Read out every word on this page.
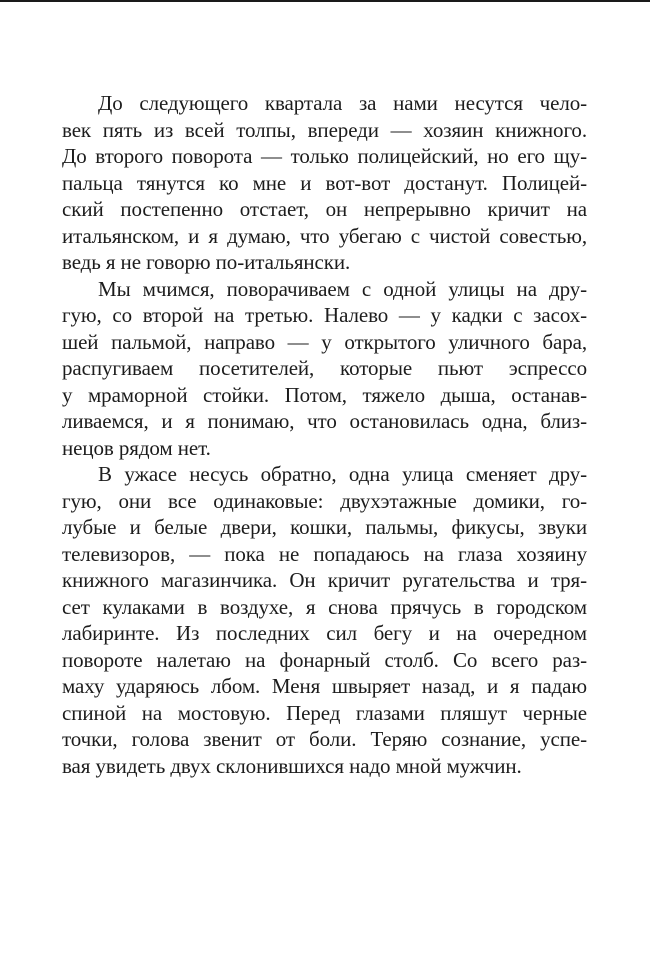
До следующего квартала за нами несутся чело-
век пять из всей толпы, впереди — хозяин книжного.
До второго поворота — только полицейский, но его щу-
пальца тянутся ко мне и вот-вот достанут. Полицей-
ский постепенно отстает, он непрерывно кричит на
итальянском, и я думаю, что убегаю с чистой совестью,
ведь я не говорю по-итальянски.
Мы мчимся, поворачиваем с одной улицы на дру-
гую, со второй на третью. Налево — у кадки с засох-
шей пальмой, направо — у открытого уличного бара,
распугиваем посетителей, которые пьют эспрессо
у мраморной стойки. Потом, тяжело дыша, останав-
ливаемся, и я понимаю, что остановилась одна, близ-
нецов рядом нет.
В ужасе несусь обратно, одна улица сменяет дру-
гую, они все одинаковые: двухэтажные домики, го-
лубые и белые двери, кошки, пальмы, фикусы, звуки
телевизоров, — пока не попадаюсь на глаза хозяину
книжного магазинчика. Он кричит ругательства и тря-
сет кулаками в воздухе, я снова прячусь в городском
лабиринте. Из последних сил бегу и на очередном
повороте налетаю на фонарный столб. Со всего раз-
маху ударяюсь лбом. Меня швыряет назад, и я падаю
спиной на мостовую. Перед глазами пляшут черные
точки, голова звенит от боли. Теряю сознание, успе-
вая увидеть двух склонившихся надо мной мужчин.
